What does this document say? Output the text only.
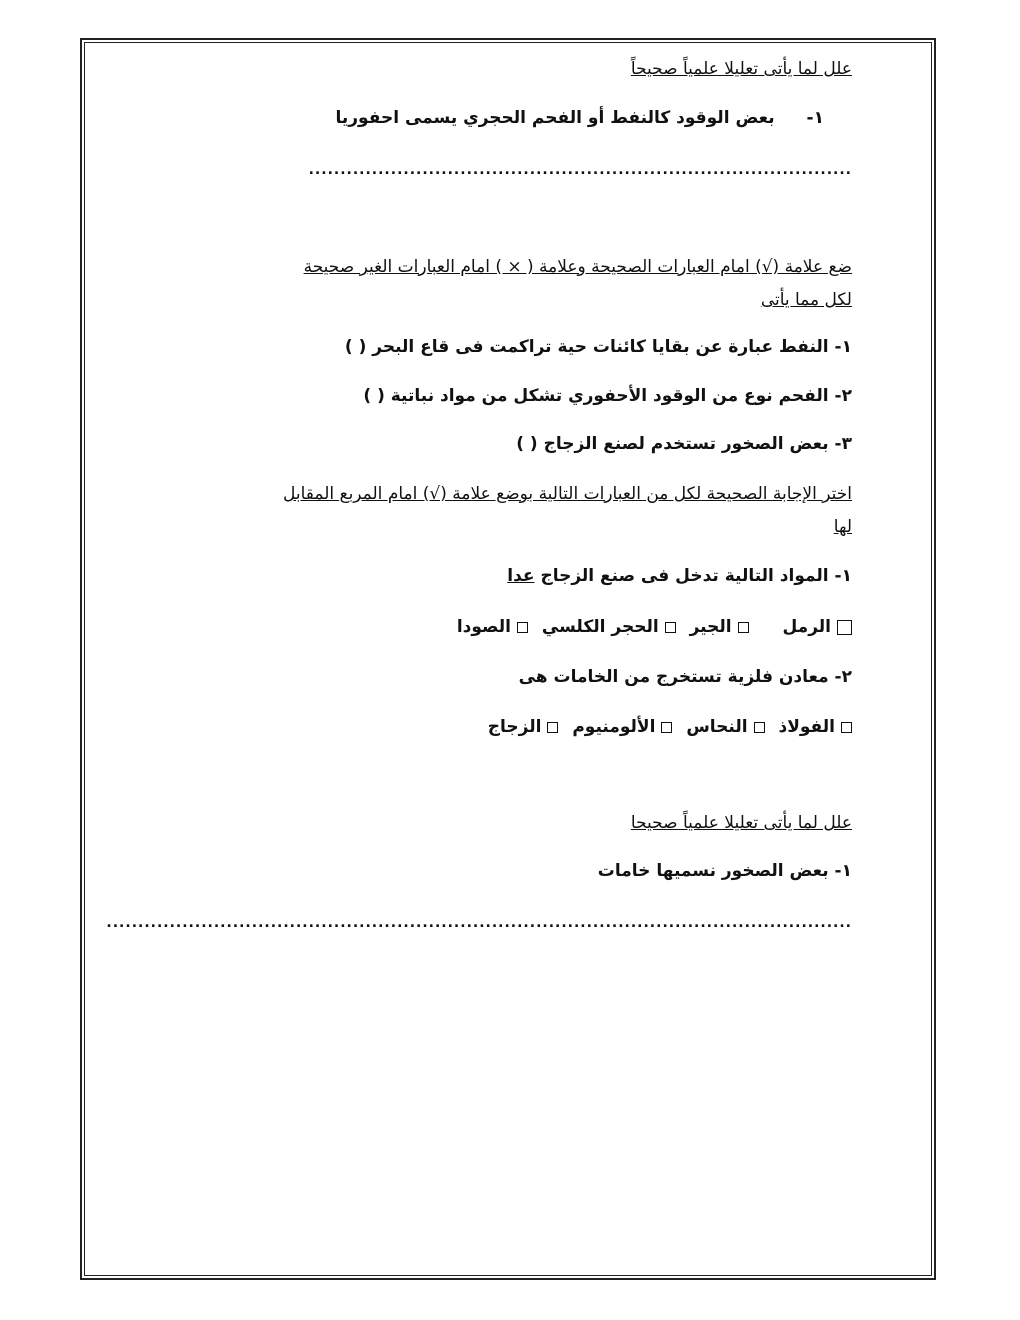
علل لما يأتى تعليلا علمياً صحيحاً
١- بعض الوقود كالنفط أو الفحم الحجري يسمى احفوريا
......................................................................................
ضع علامة (√) امام العبارات الصحيحة وعلامة ( × ) امام العبارات الغير صحيحة
لكل مما يأتى
١- النفط عبارة عن بقايا كائنات حية تراكمت فى قاع البحر ( )
٢- الفحم نوع من الوقود الأحفوري تشكل من مواد نباتية ( )
٣- بعض الصخور تستخدم لصنع الزجاج ( )
اختر الإجابة الصحيحة لكل من العبارات التالية بوضع علامة (√) امام المربع المقابل
لها
١- المواد التالية تدخل فى صنع الزجاج عدا
الرمل الجير الحجر الكلسي الصودا
٢- معادن فلزية تستخرج من الخامات هى
الفولاذ النحاس الألومنيوم الزجاج
علل لما يأتى تعليلا علمياً صحيحا
١- بعض الصخور نسميها خامات
......................................................................................................................
